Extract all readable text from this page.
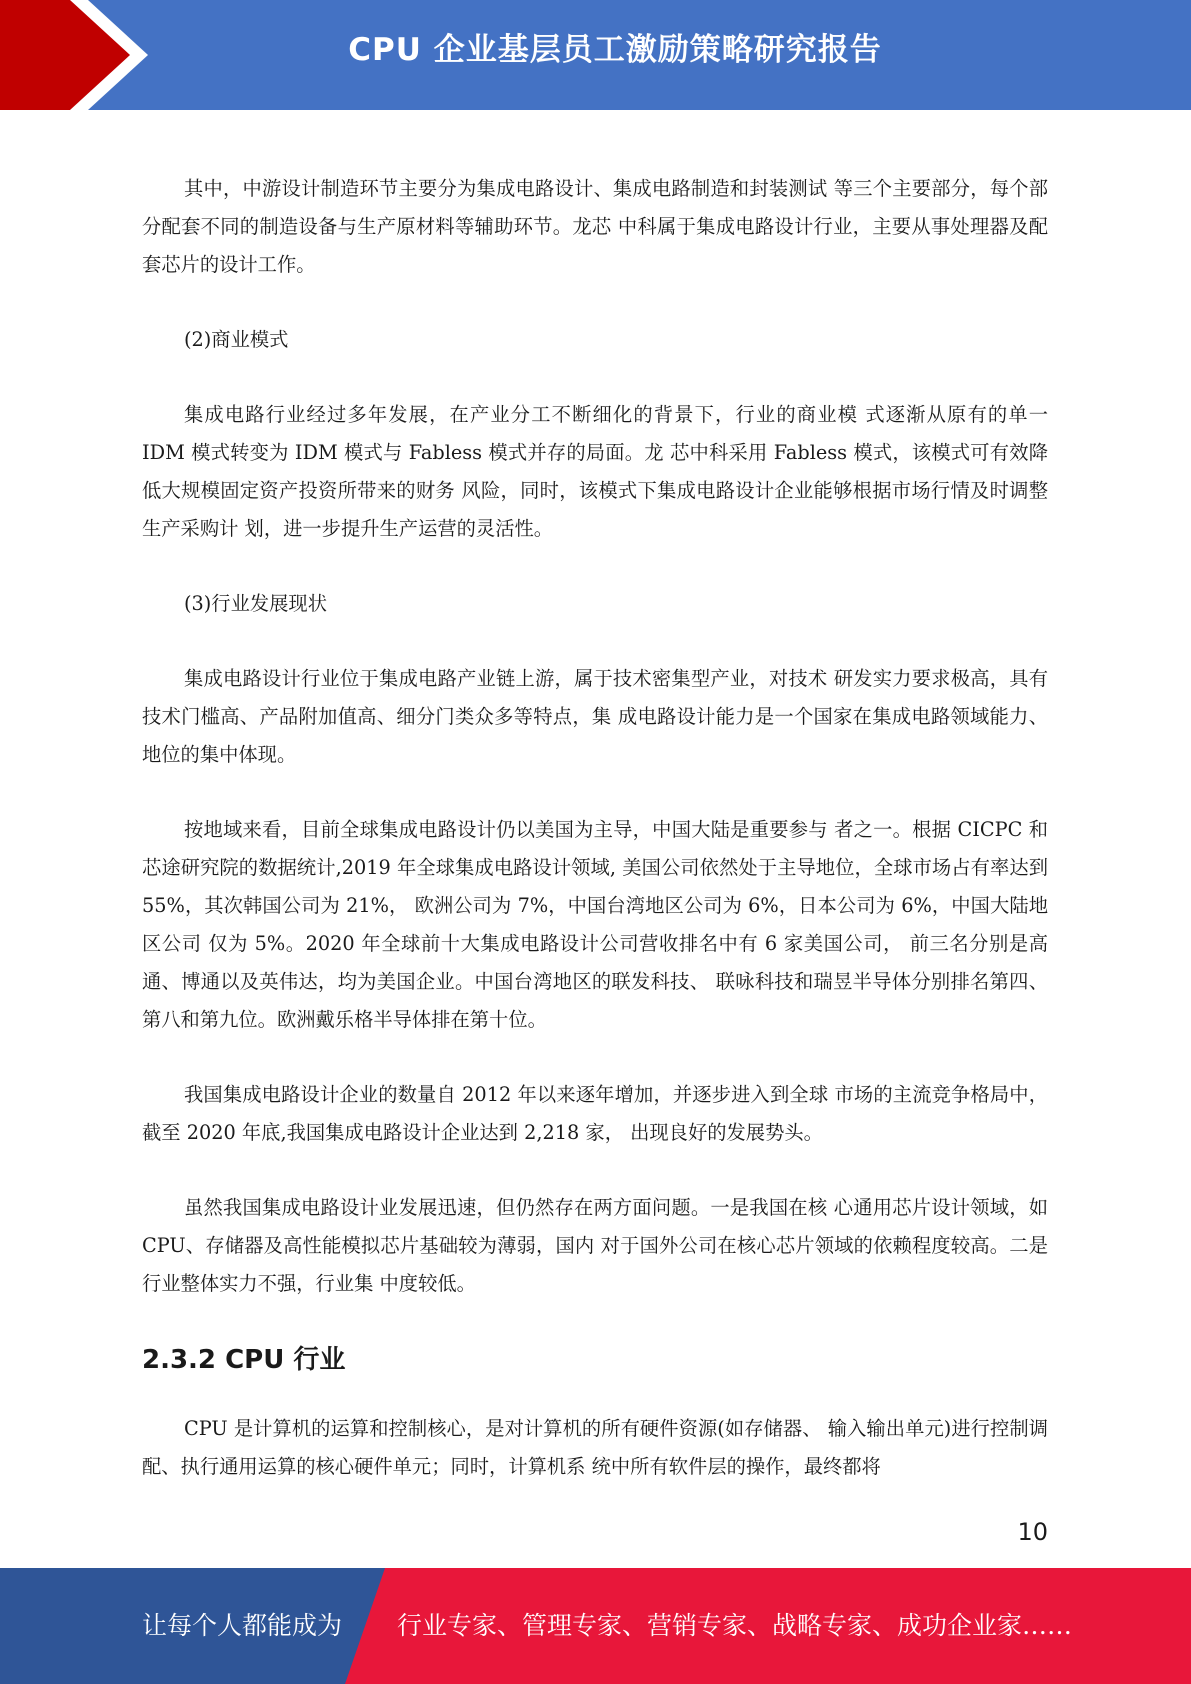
CPU 企业基层员工激励策略研究报告

其中，中游设计制造环节主要分为集成电路设计、集成电路制造和封装测试 等三个主要部分，每个部分配套不同的制造设备与生产原材料等辅助环节。龙芯 中科属于集成电路设计行业，主要从事处理器及配套芯片的设计工作。

(2)商业模式

集成电路行业经过多年发展，在产业分工不断细化的背景下，行业的商业模 式逐渐从原有的单一 IDM 模式转变为 IDM 模式与 Fabless 模式并存的局面。龙 芯中科采用 Fabless 模式，该模式可有效降低大规模固定资产投资所带来的财务 风险，同时，该模式下集成电路设计企业能够根据市场行情及时调整生产采购计 划，进一步提升生产运营的灵活性。

(3)行业发展现状

集成电路设计行业位于集成电路产业链上游，属于技术密集型产业，对技术 研发实力要求极高，具有技术门槛高、产品附加值高、细分门类众多等特点，集 成电路设计能力是一个国家在集成电路领域能力、地位的集中体现。

按地域来看，目前全球集成电路设计仍以美国为主导，中国大陆是重要参与 者之一。根据 CICPC 和芯途研究院的数据统计,2019 年全球集成电路设计领域, 美国公司依然处于主导地位，全球市场占有率达到 55%，其次韩国公司为 21%， 欧洲公司为 7%，中国台湾地区公司为 6%，日本公司为 6%，中国大陆地区公司 仅为 5%。2020 年全球前十大集成电路设计公司营收排名中有 6 家美国公司， 前三名分别是高通、博通以及英伟达，均为美国企业。中国台湾地区的联发科技、 联咏科技和瑞昱半导体分别排名第四、第八和第九位。欧洲戴乐格半导体排在第十位。

我国集成电路设计企业的数量自 2012 年以来逐年增加，并逐步进入到全球 市场的主流竞争格局中，截至 2020 年底,我国集成电路设计企业达到 2,218 家， 出现良好的发展势头。

虽然我国集成电路设计业发展迅速，但仍然存在两方面问题。一是我国在核 心通用芯片设计领域，如 CPU、存储器及高性能模拟芯片基础较为薄弱，国内 对于国外公司在核心芯片领域的依赖程度较高。二是行业整体实力不强，行业集 中度较低。

2.3.2 CPU 行业

CPU 是计算机的运算和控制核心，是对计算机的所有硬件资源(如存储器、 输入输出单元)进行控制调配、执行通用运算的核心硬件单元；同时，计算机系 统中所有软件层的操作，最终都将

10
让每个人都能成为 行业专家、管理专家、营销专家、战略专家、成功企业家……
